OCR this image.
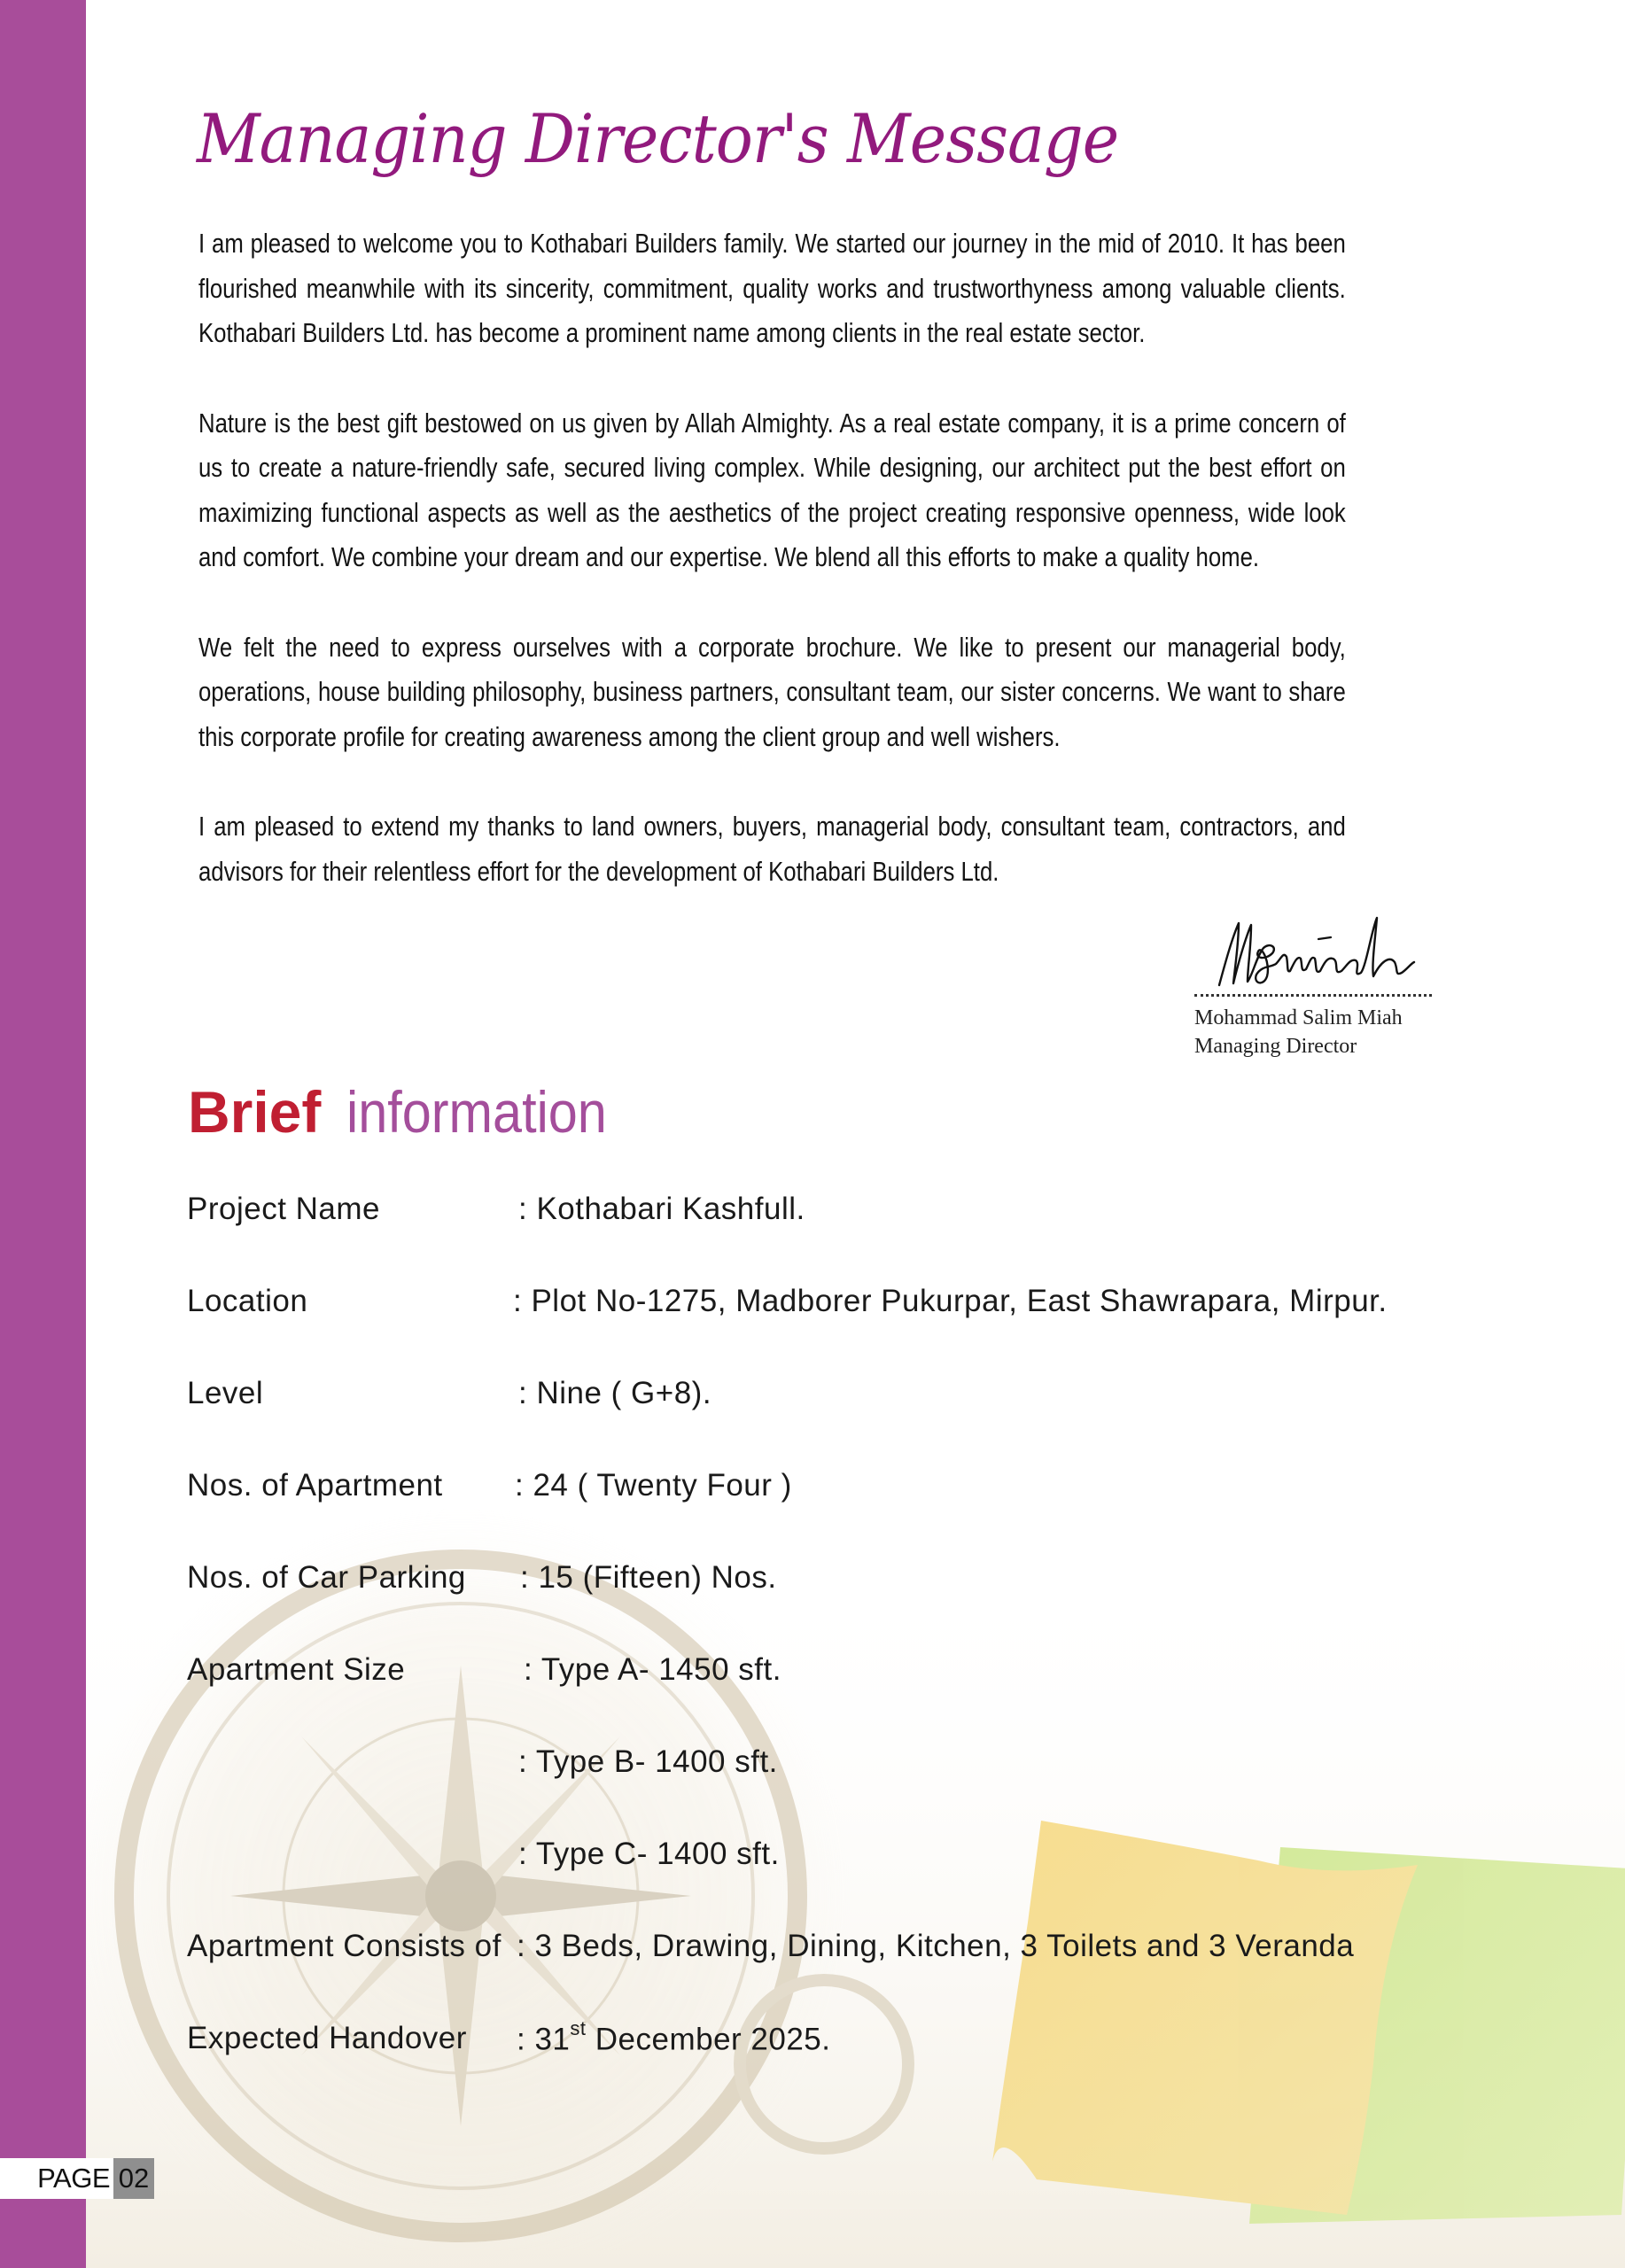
Managing Director's Message

I am pleased to welcome you to Kothabari Builders family. We started our journey in the mid of 2010. It has been flourished meanwhile with its sincerity, commitment, quality works and trustworthyness among valuable clients. Kothabari Builders Ltd. has become a prominent name among clients in the real estate sector.

Nature is the best gift bestowed on us given by Allah Almighty. As a real estate company, it is a prime concern of us to create a nature-friendly safe, secured living complex. While designing, our architect put the best effort on maximizing functional aspects as well as the aesthetics of the project creating responsive openness, wide look and comfort. We combine your dream and our expertise. We blend all this efforts to make a quality home.

We felt the need to express ourselves with a corporate brochure. We like to present our managerial body, operations, house building philosophy, business partners, consultant team, our sister concerns. We want to share this corporate profile for creating awareness among the client group and well wishers.

I am pleased to extend my thanks to land owners, buyers, managerial body, consultant team, contractors, and advisors for their relentless effort for the development of Kothabari Builders Ltd.

Mohammad Salim Miah
Managing Director
Brief information
Project Name	: Kothabari Kashfull.
Location	: Plot No-1275, Madborer Pukurpar, East Shawrapara, Mirpur.
Level	: Nine ( G+8).
Nos. of Apartment : 24 ( Twenty Four )
Nos. of Car Parking : 15 (Fifteen) Nos.
Apartment Size	: Type A- 1450 sft.
: Type B- 1400 sft.
: Type C- 1400 sft.
Apartment Consists of : 3 Beds, Drawing, Dining, Kitchen, 3 Toilets and 3 Veranda
Expected Handover : 31st December 2025.
PAGE 02
